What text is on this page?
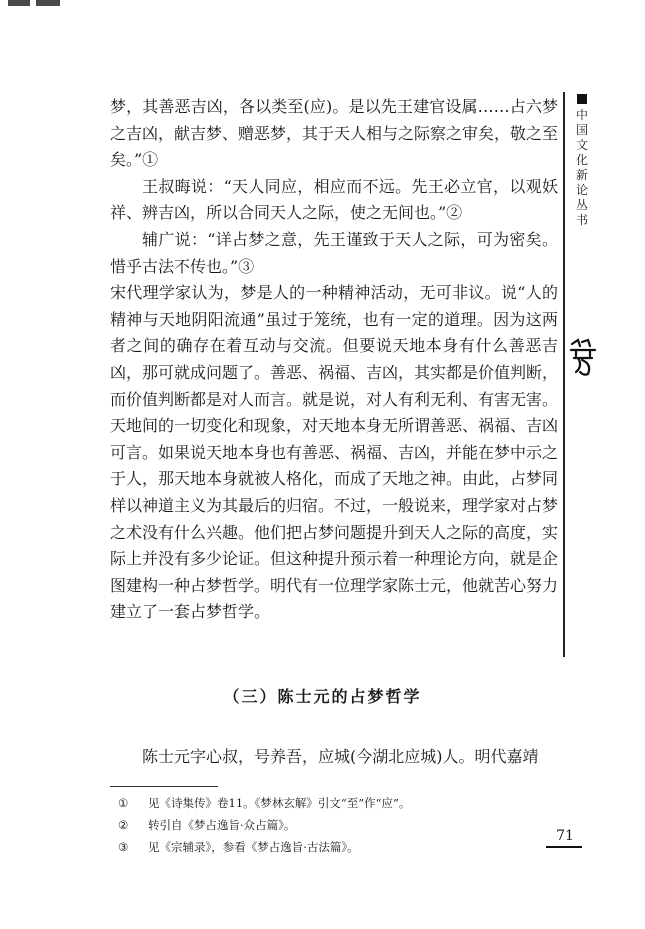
梦，其善恶吉凶，各以类至(应)。是以先王建官设属……占六梦之吉凶，献吉梦、赠恶梦，其于天人相与之际察之审矣，敬之至矣。”①

王叔晦说：“天人同应，相应而不远。先王必立官，以观妖祥、辨吉凶，所以合同天人之际，使之无间也。”②

辅广说：“详占梦之意，先王谨致于天人之际，可为密矣。惜乎古法不传也。”③

宋代理学家认为，梦是人的一种精神活动，无可非议。说“人的精神与天地阴阳流通”虽过于笼统，也有一定的道理。因为这两者之间的确存在着互动与交流。但要说天地本身有什么善恶吉凶，那可就成问题了。善恶、祸福、吉凶，其实都是价值判断，而价值判断都是对人而言。就是说，对人有利无利、有害无害。天地间的一切变化和现象，对天地本身无所谓善恶、祸福、吉凶可言。如果说天地本身也有善恶、祸福、吉凶，并能在梦中示之于人，那天地本身就被人格化，而成了天地之神。由此，占梦同样以神道主义为其最后的归宿。不过，一般说来，理学家对占梦之术没有什么兴趣。他们把占梦问题提升到天人之际的高度，实际上并没有多少论证。但这种提升预示着一种理论方向，就是企图建构一种占梦哲学。明代有一位理学家陈士元，他就苦心努力建立了一套占梦哲学。

（三）陈士元的占梦哲学

陈士元字心叔，号养吾，应城(今湖北应城)人。明代嘉靖

①	见《诗集传》卷11。《梦林玄解》引文“至”作“应”。
②	转引自《梦占逸旨·众占篇》。
③	见《宗辅录》，参看《梦占逸旨·古法篇》。
中
国
文
化
新
论
丛
书
71
